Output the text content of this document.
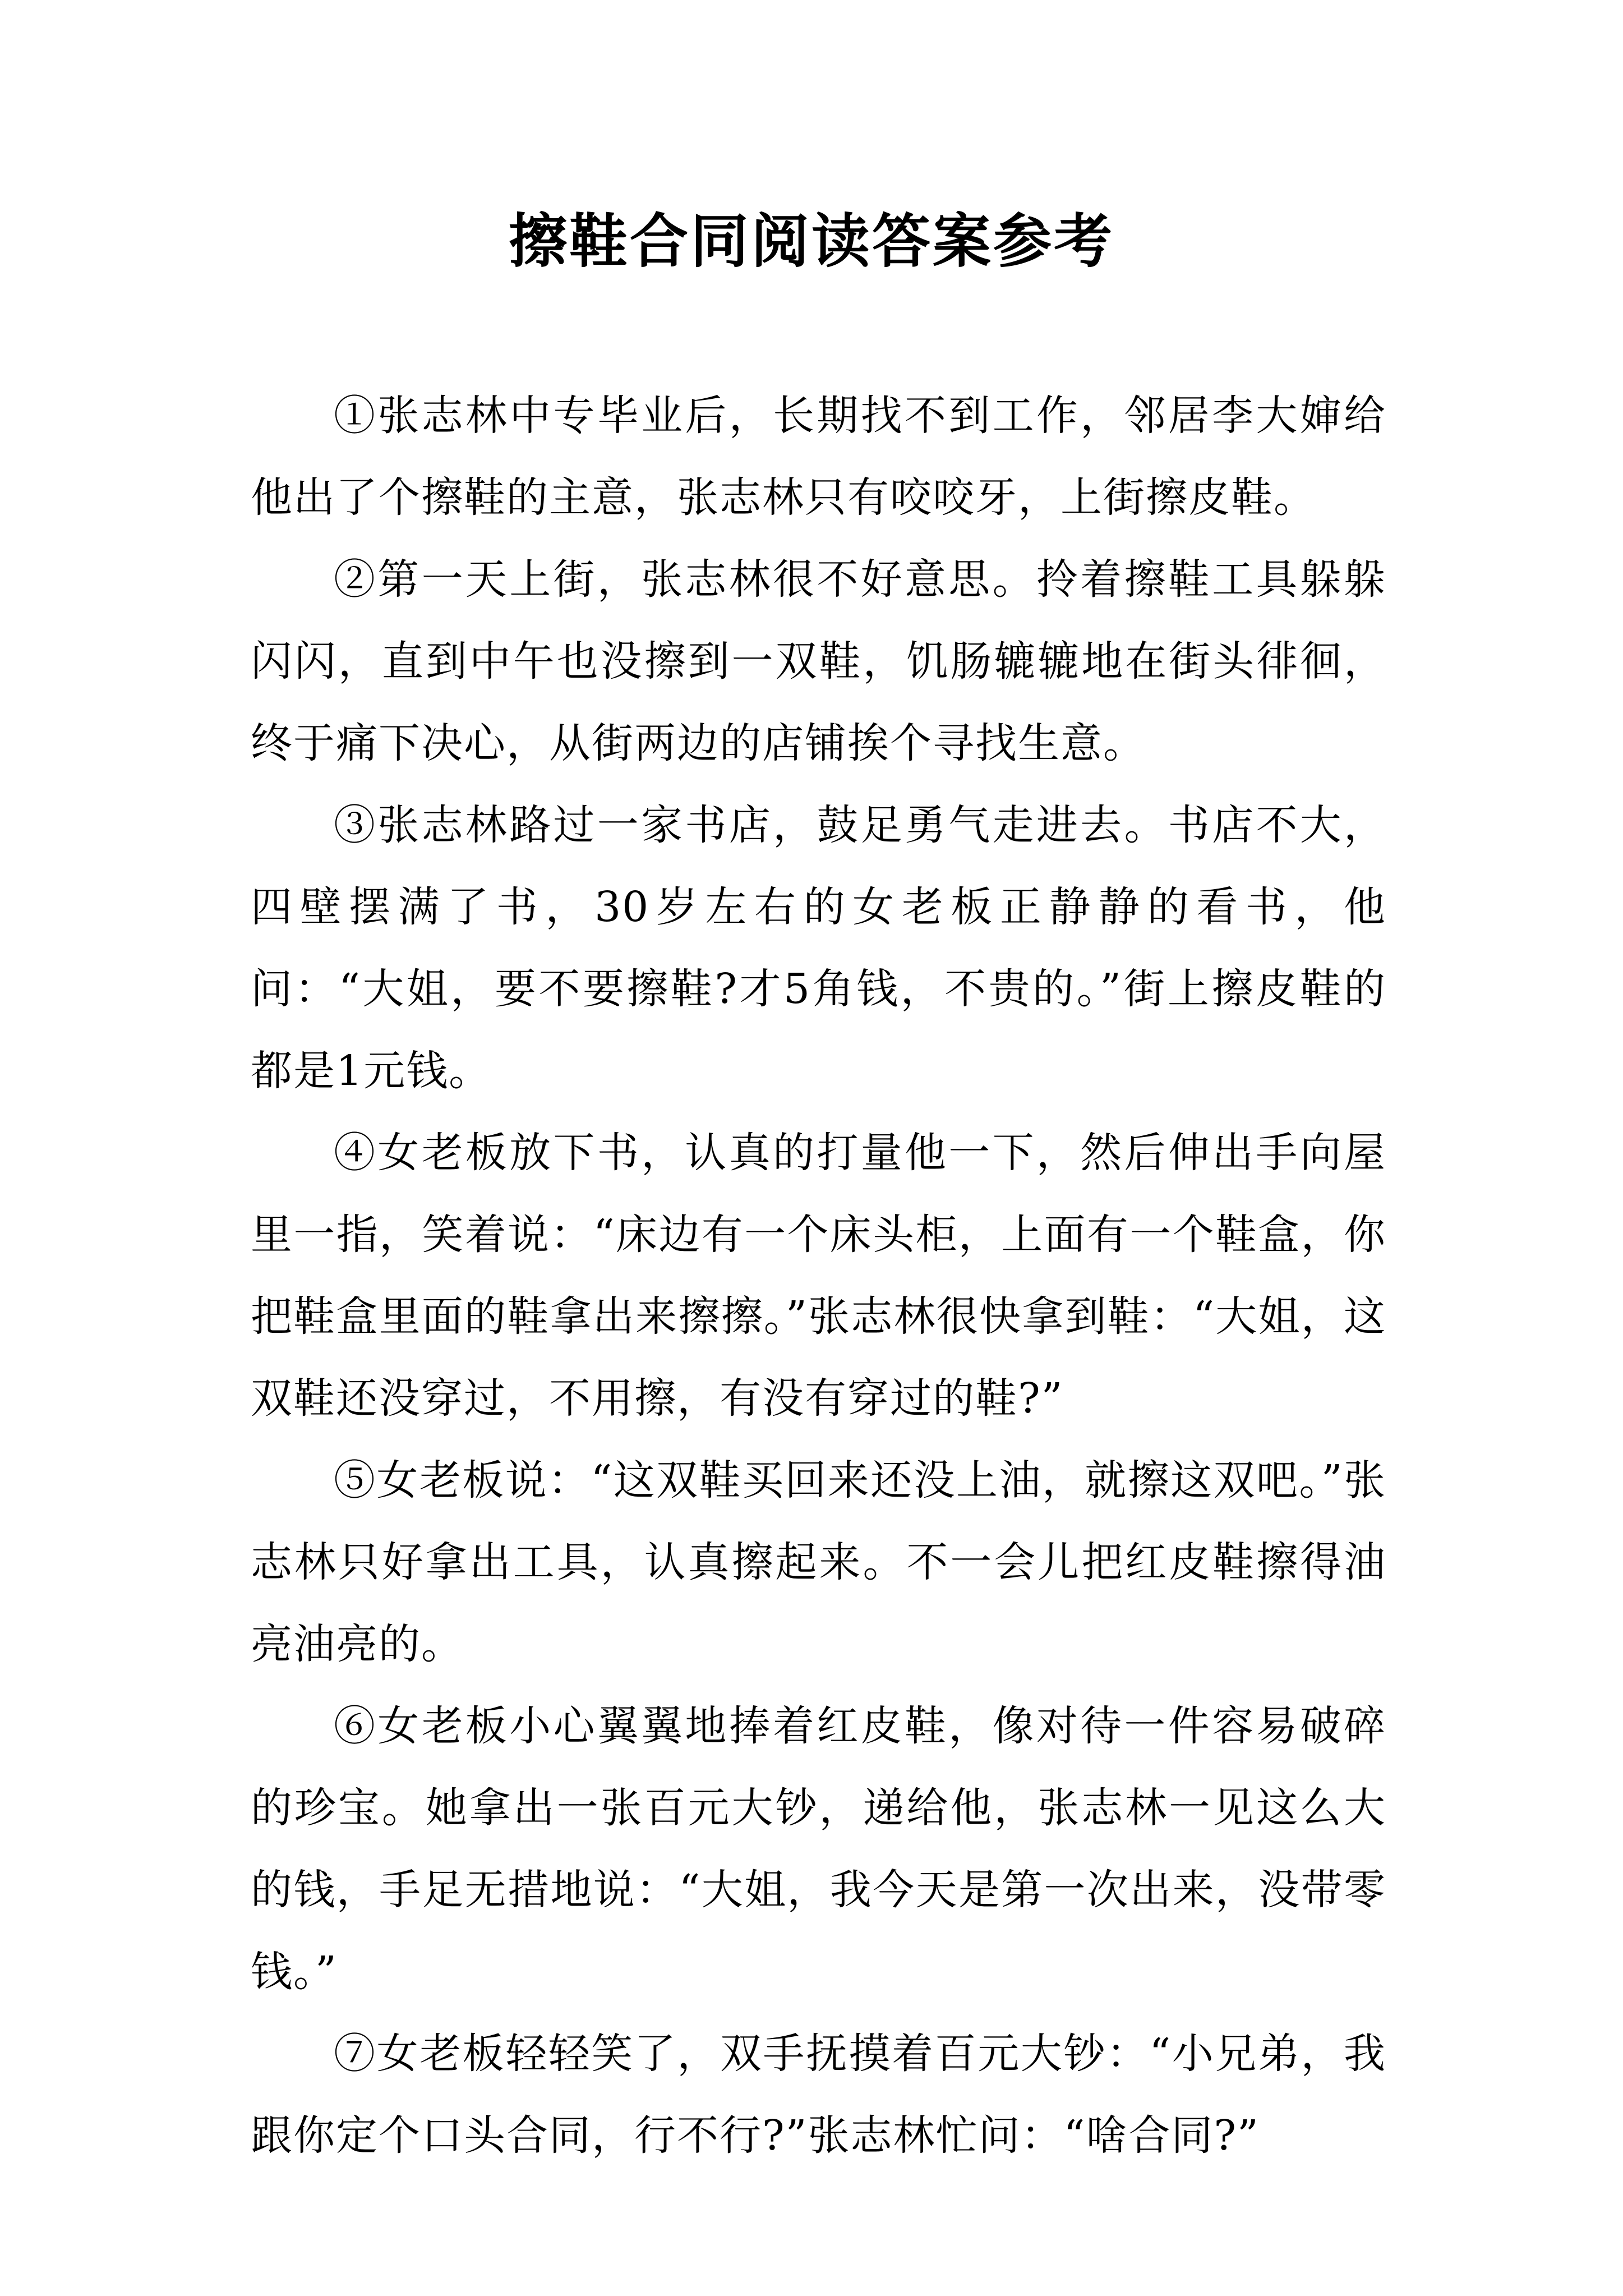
擦鞋合同阅读答案参考

①张志林中专毕业后，长期找不到工作，邻居李大婶给他出了个擦鞋的主意，张志林只有咬咬牙，上街擦皮鞋。

②第一天上街，张志林很不好意思。拎着擦鞋工具躲躲闪闪，直到中午也没擦到一双鞋，饥肠辘辘地在街头徘徊，终于痛下决心，从街两边的店铺挨个寻找生意。

③张志林路过一家书店，鼓足勇气走进去。书店不大，四壁摆满了书，30岁左右的女老板正静静的看书，他问：“大姐，要不要擦鞋?才5角钱，不贵的。”街上擦皮鞋的都是1元钱。

④女老板放下书，认真的打量他一下，然后伸出手向屋里一指，笑着说：“床边有一个床头柜，上面有一个鞋盒，你把鞋盒里面的鞋拿出来擦擦。”张志林很快拿到鞋：“大姐，这双鞋还没穿过，不用擦，有没有穿过的鞋?”

⑤女老板说：“这双鞋买回来还没上油，就擦这双吧。”张志林只好拿出工具，认真擦起来。不一会儿把红皮鞋擦得油亮油亮的。

⑥女老板小心翼翼地捧着红皮鞋，像对待一件容易破碎的珍宝。她拿出一张百元大钞，递给他，张志林一见这么大的钱，手足无措地说：“大姐，我今天是第一次出来，没带零钱。”

⑦女老板轻轻笑了，双手抚摸着百元大钞：“小兄弟，我跟你定个口头合同，行不行?”张志林忙问：“啥合同?”
